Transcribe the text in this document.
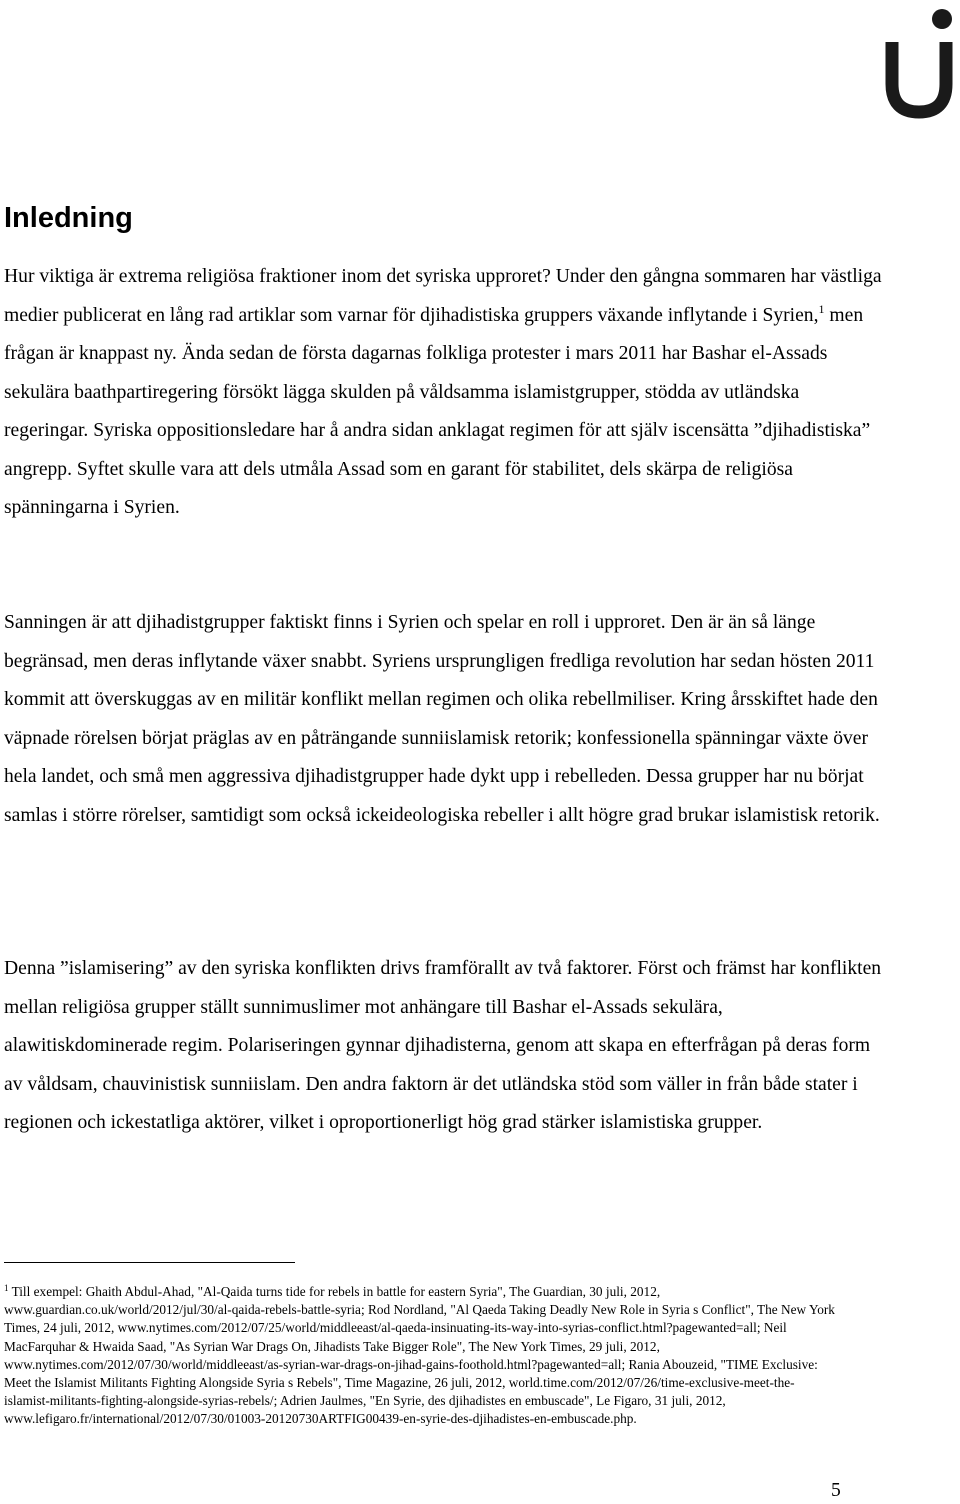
Inledning

Hur viktiga är extrema religiösa fraktioner inom det syriska upproret? Under den gångna sommaren har västliga medier publicerat en lång rad artiklar som varnar för djihadistiska gruppers växande inflytande i Syrien,$^1$ men frågan är knappast ny. Ända sedan de första dagarnas folkliga protester i mars 2011 har Bashar el-Assads sekulära baathpartiregering försökt lägga skulden på våldsamma islamistgrupper, stödda av utländska regeringar. Syriska oppositionsledare har å andra sidan anklagat regimen för att själv iscensätta ”djihadistiska” angrepp. Syftet skulle vara att dels utmåla Assad som en garant för stabilitet, dels skärpa de religiösa spänningarna i Syrien.

Sanningen är att djihadistgrupper faktiskt finns i Syrien och spelar en roll i upproret. Den är än så länge begränsad, men deras inflytande växer snabbt. Syriens ursprungligen fredliga revolution har sedan hösten 2011 kommit att överskuggas av en militär konflikt mellan regimen och olika rebellmiliser. Kring årsskiftet hade den väpnade rörelsen börjat präglas av en påträngande sunniislamisk retorik; konfessionella spänningar växte över hela landet, och små men aggressiva djihadistgrupper hade dykt upp i rebelleden. Dessa grupper har nu börjat samlas i större rörelser, samtidigt som också ickeideologiska rebeller i allt högre grad brukar islamistisk retorik.

Denna ”islamisering” av den syriska konflikten drivs framförallt av två faktorer. Först och främst har konflikten mellan religiösa grupper ställt sunnimuslimer mot anhängare till Bashar el-Assads sekulära, alawitiskdominerade regim. Polariseringen gynnar djihadisterna, genom att skapa en efterfrågan på deras form av våldsam, chauvinistisk sunniislam. Den andra faktorn är det utländska stöd som väller in från både stater i regionen och ickestatliga aktörer, vilket i oproportionerligt hög grad stärker islamistiska grupper.

$^1$ Till exempel: Ghaith Abdul-Ahad, "Al-Qaida turns tide for rebels in battle for eastern Syria", The Guardian, 30 juli, 2012, www.guardian.co.uk/world/2012/jul/30/al-qaida-rebels-battle-syria; Rod Nordland, "Al Qaeda Taking Deadly New Role in Syria s Conflict", The New York Times, 24 juli, 2012, www.nytimes.com/2012/07/25/world/middleeast/al-qaeda-insinuating-its-way-into-syrias-conflict.html?pagewanted=all; Neil MacFarquhar & Hwaida Saad, "As Syrian War Drags On, Jihadists Take Bigger Role", The New York Times, 29 juli, 2012, www.nytimes.com/2012/07/30/world/middleeast/as-syrian-war-drags-on-jihad-gains-foothold.html?pagewanted=all; Rania Abouzeid, "TIME Exclusive: Meet the Islamist Militants Fighting Alongside Syria s Rebels", Time Magazine, 26 juli, 2012, world.time.com/2012/07/26/time-exclusive-meet-the-islamist-militants-fighting-alongside-syrias-rebels/; Adrien Jaulmes, "En Syrie, des djihadistes en embuscade", Le Figaro, 31 juli, 2012, www.lefigaro.fr/international/2012/07/30/01003-20120730ARTFIG00439-en-syrie-des-djihadistes-en-embuscade.php.

5
